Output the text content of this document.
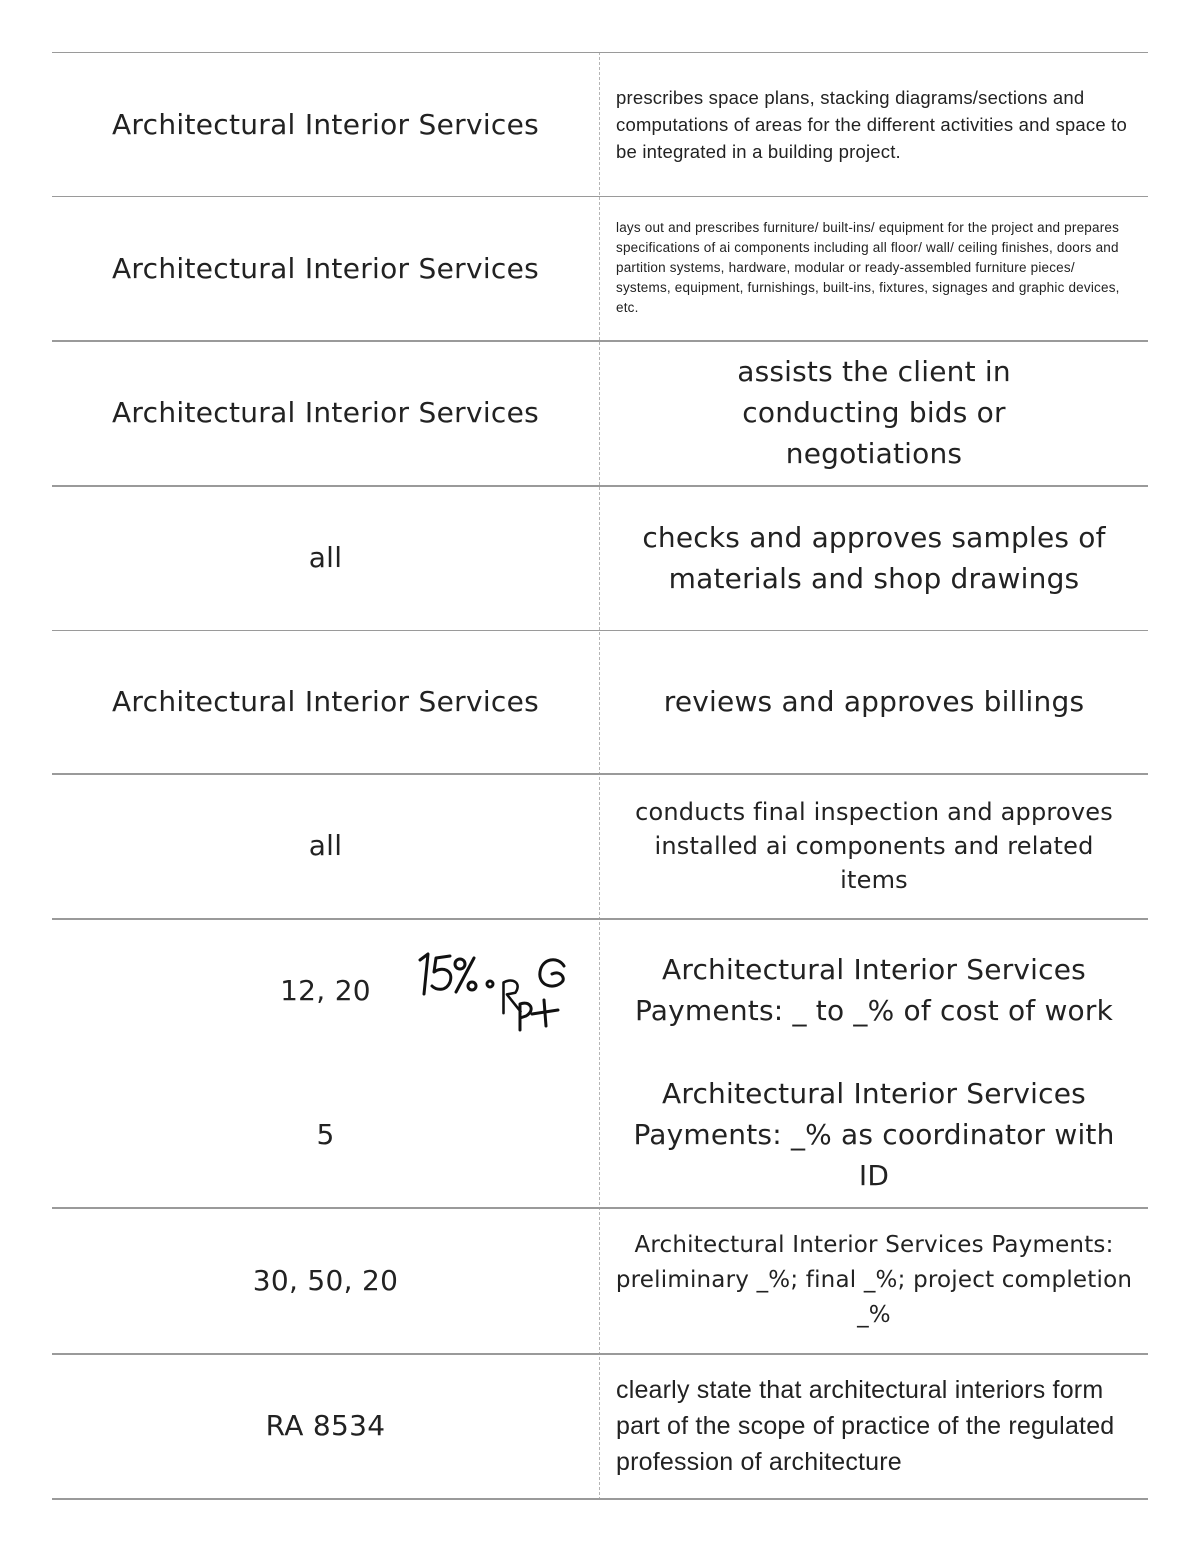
Architectural Interior Services
prescribes space plans, stacking diagrams/sections and computations of areas for the different activities and space to be integrated in a building project.
Architectural Interior Services
lays out and prescribes furniture/ built-ins/ equipment for the project and prepares specifications of ai components including all floor/ wall/ ceiling finishes, doors and partition systems, hardware, modular or ready-assembled furniture pieces/ systems, equipment, furnishings, built-ins, fixtures, signages and graphic devices, etc.
Architectural Interior Services
assists the client in conducting bids or negotiations
all
checks and approves samples of materials and shop drawings
Architectural Interior Services	reviews and approves billings
all
conducts final inspection and approves installed ai components and related items
12, 20
Architectural Interior Services Payments: _ to _% of cost of work
5
Architectural Interior Services Payments: _% as coordinator with ID
30, 50, 20
Architectural Interior Services Payments: preliminary _%; final _%; project completion _%
RA 8534
clearly state that architectural interiors form part of the scope of practice of the regulated profession of architecture
